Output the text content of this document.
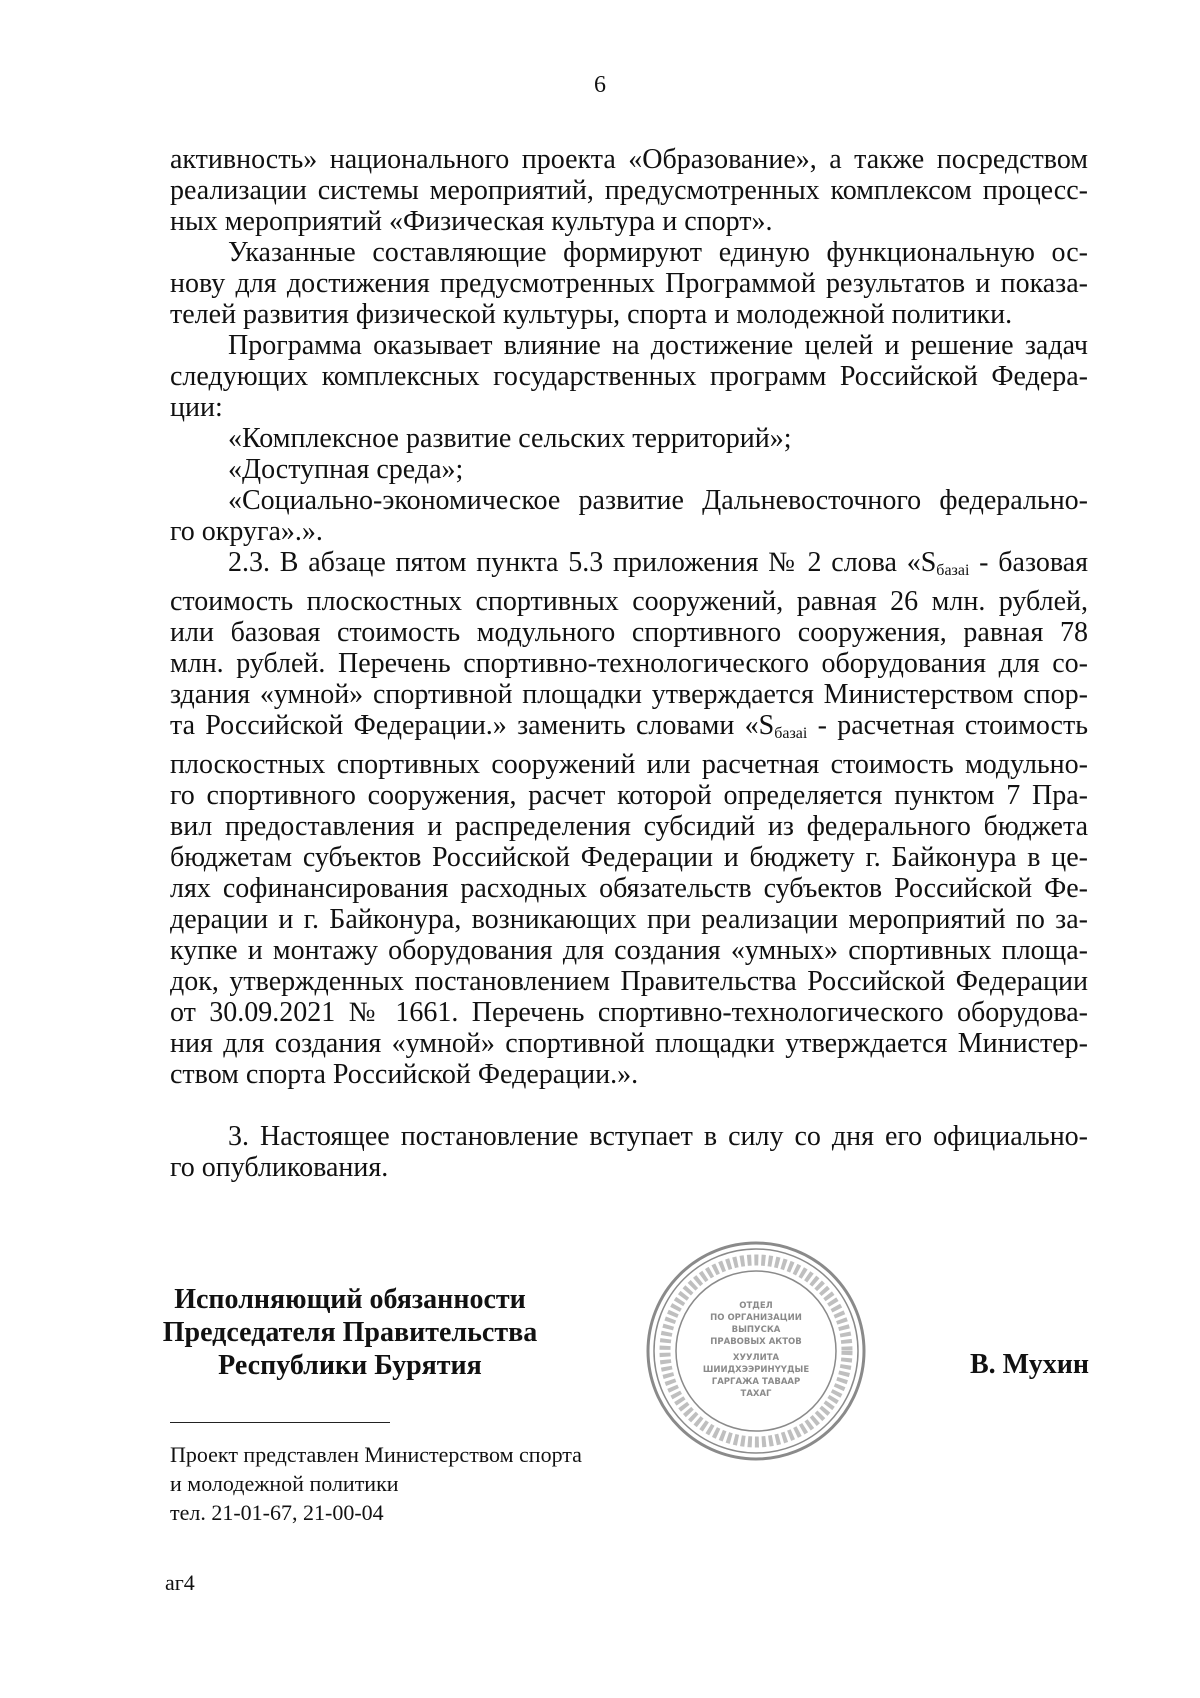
6

активность» национального проекта «Образование», а также посредством
реализации системы мероприятий, предусмотренных комплексом процесс-
ных мероприятий «Физическая культура и спорт».

Указанные составляющие формируют единую функциональную ос-
нову для достижения предусмотренных Программой результатов и показа-
телей развития физической культуры, спорта и молодежной политики.

Программа оказывает влияние на достижение целей и решение задач
следующих комплексных государственных программ Российской Федера-
ции:

«Комплексное развитие сельских территорий»;
«Доступная среда»;
«Социально-экономическое развитие Дальневосточного федерально-
го округа».».

2.3. В абзаце пятом пункта 5.3 приложения № 2 слова «$S_{базаi}$ - базовая
стоимость плоскостных спортивных сооружений, равная 26 млн. рублей,
или базовая стоимость модульного спортивного сооружения, равная 78
млн. рублей. Перечень спортивно-технологического оборудования для со-
здания «умной» спортивной площадки утверждается Министерством спор-
та Российской Федерации.» заменить словами «$S_{базаi}$ - расчетная стоимость
плоскостных спортивных сооружений или расчетная стоимость модульно-
го спортивного сооружения, расчет которой определяется пунктом 7 Пра-
вил предоставления и распределения субсидий из федерального бюджета
бюджетам субъектов Российской Федерации и бюджету г. Байконура в це-
лях софинансирования расходных обязательств субъектов Российской Фе-
дерации и г. Байконура, возникающих при реализации мероприятий по за-
купке и монтажу оборудования для создания «умных» спортивных площа-
док, утвержденных постановлением Правительства Российской Федерации
от 30.09.2021 № 1661. Перечень спортивно-технологического оборудова-
ния для создания «умной» спортивной площадки утверждается Министер-
ством спорта Российской Федерации.».

3. Настоящее постановление вступает в силу со дня его официально-
го опубликования.

Исполняющий обязанности
Председателя Правительства
Республики Бурятия
ОТДЕЛ
ПО ОРГАНИЗАЦИИ
ВЫПУСКА
ПРАВОВЫХ АКТОВ
ХУУЛИТА
ШИИДХЭЭРИНҮҮДЫЕ
ГАРГАЖА ТАВААР
ТАХАГ
В. Мухин
Проект представлен Министерством спорта
и молодежной политики
тел. 21-01-67, 21-00-04
аг4
